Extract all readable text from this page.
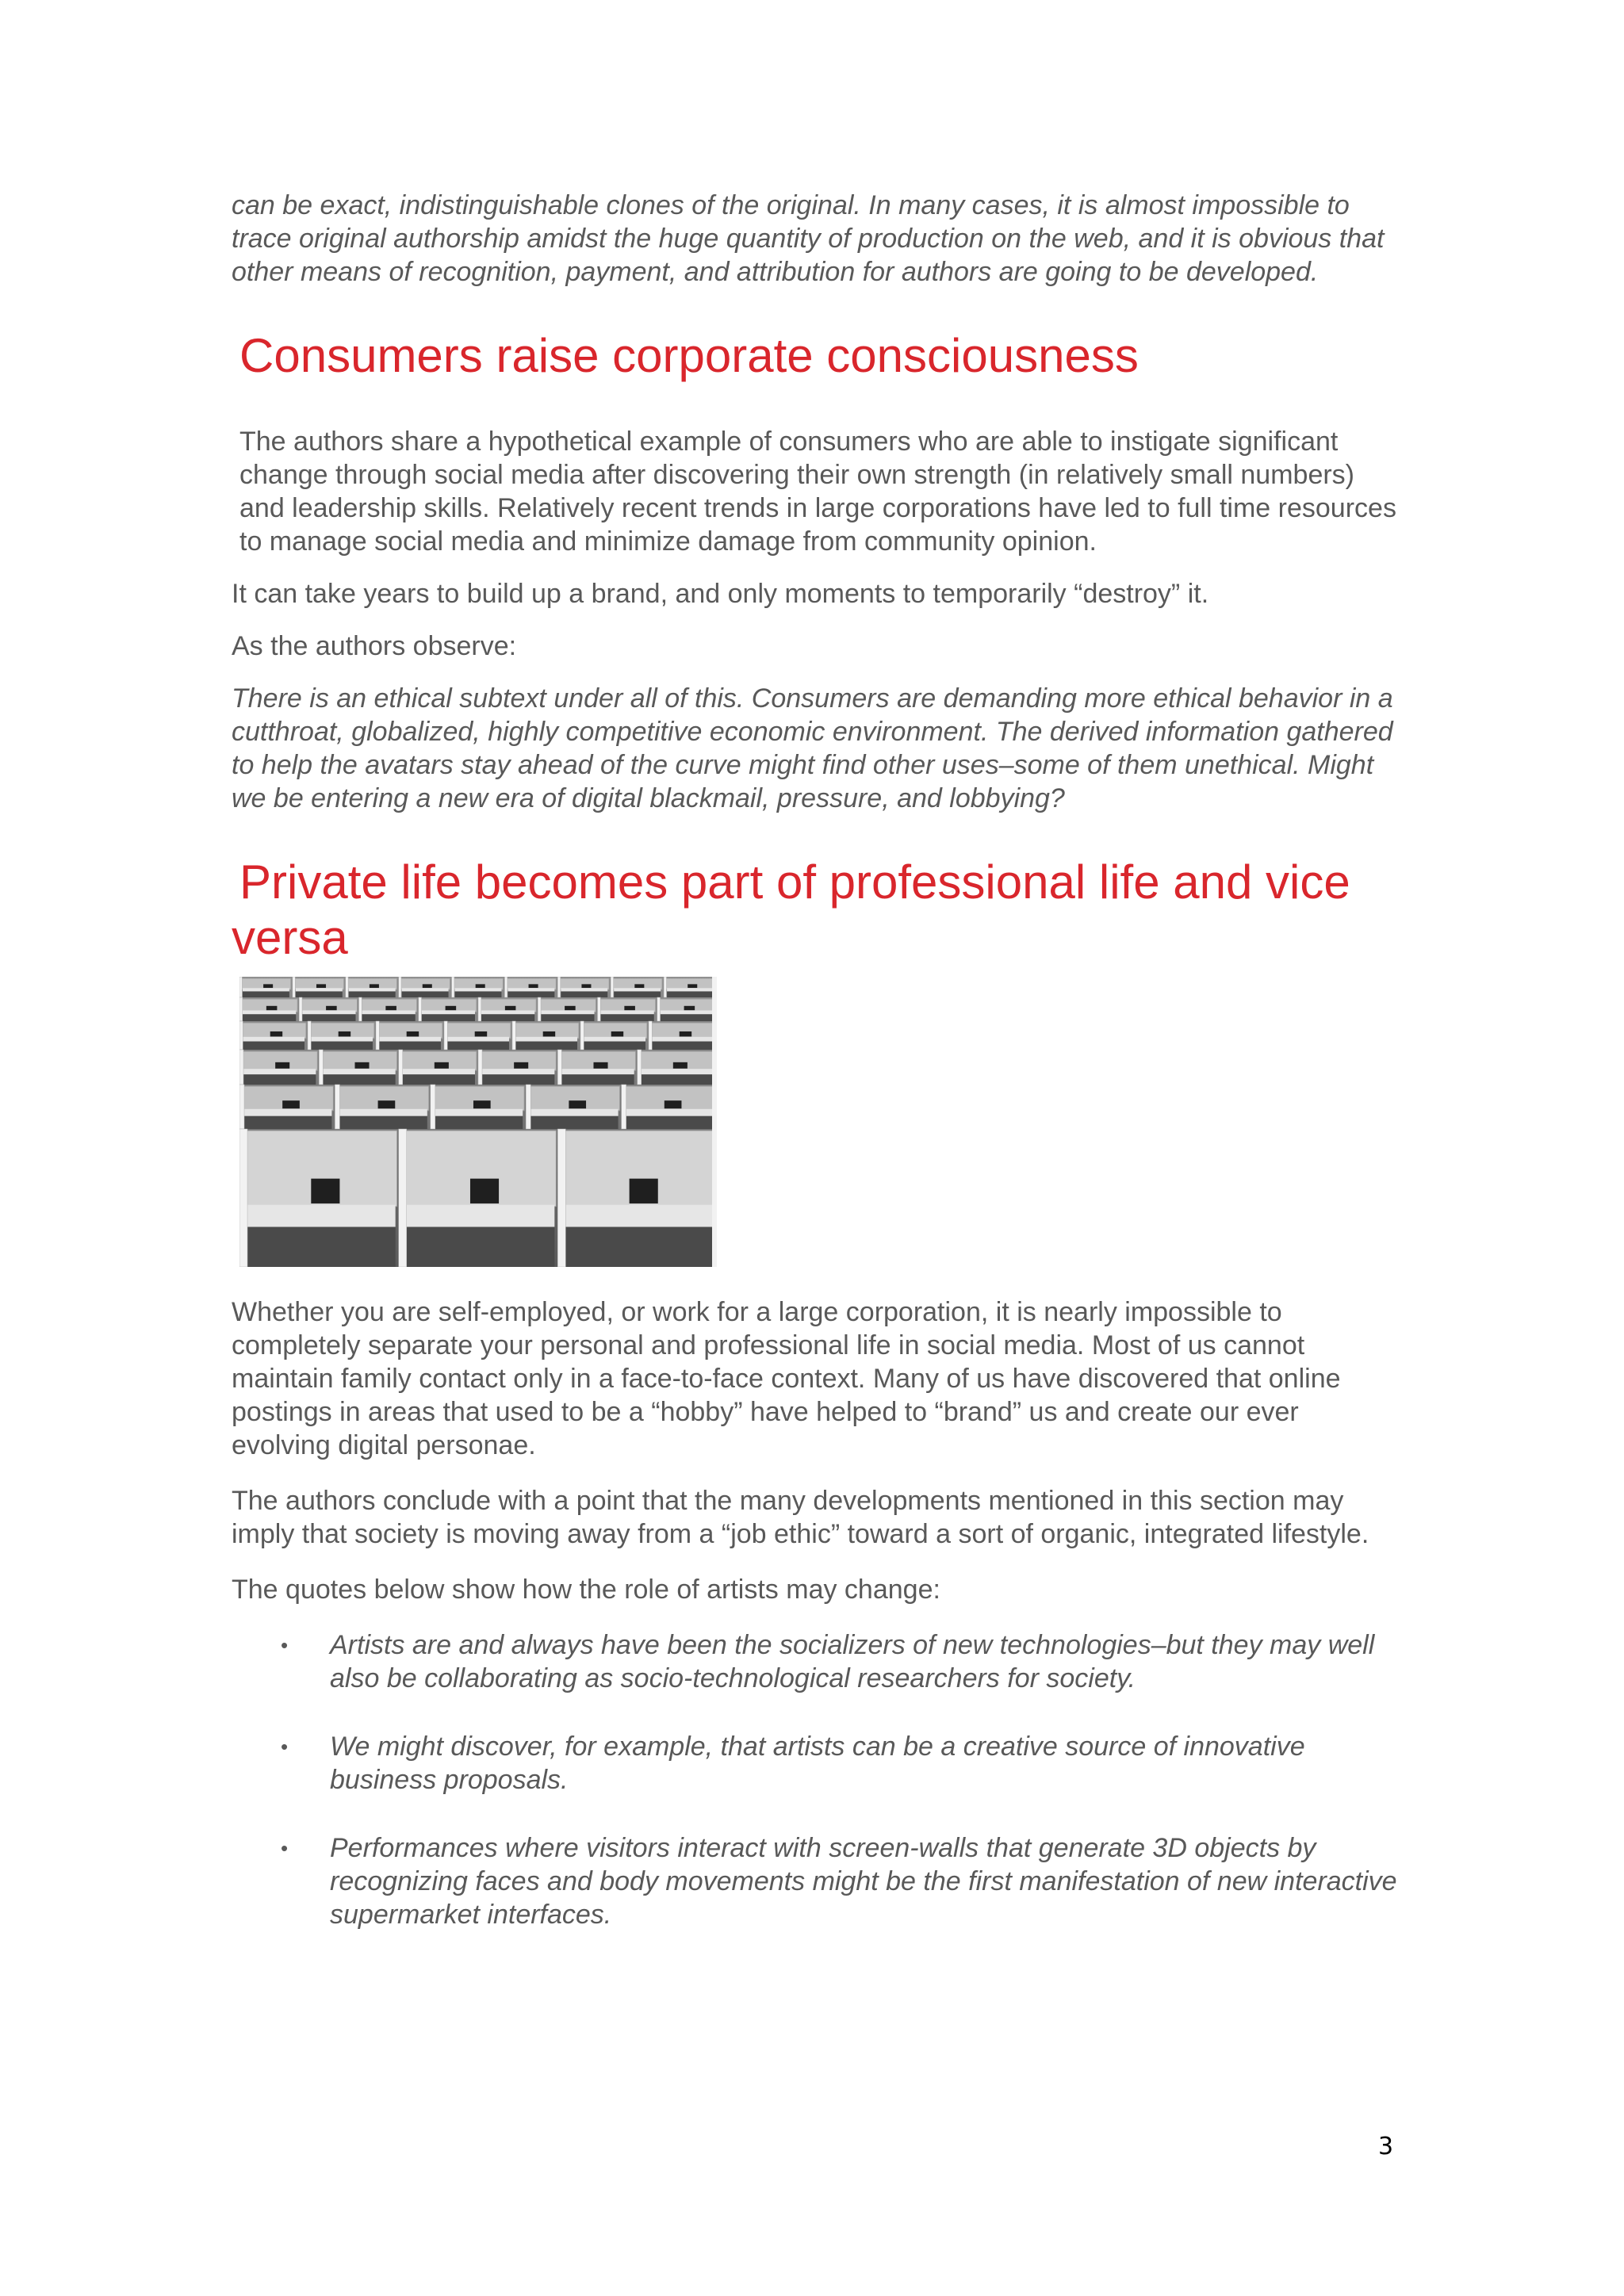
can be exact, indistinguishable clones of the original. In many cases, it is almost impossible to trace original authorship amidst the huge quantity of production on the web, and it is obvious that other means of recognition, payment, and attribution for authors are going to be developed.

Consumers raise corporate consciousness

The authors share a hypothetical example of consumers who are able to instigate significant change through social media after discovering their own strength (in relatively small numbers) and leadership skills. Relatively recent trends in large corporations have led to full time resources to manage social media and minimize damage from community opinion.

It can take years to build up a brand, and only moments to temporarily “destroy” it.

As the authors observe:

There is an ethical subtext under all of this. Consumers are demanding more ethical behavior in a cutthroat, globalized, highly competitive economic environment. The derived information gathered to help the avatars stay ahead of the curve might find other uses–some of them unethical. Might we be entering a new era of digital blackmail, pressure, and lobbying?

Private life becomes part of professional life and vice
versa

Whether you are self-employed, or work for a large corporation, it is nearly impossible to completely separate your personal and professional life in social media. Most of us cannot maintain family contact only in a face-to-face context. Many of us have discovered that online postings in areas that used to be a “hobby” have helped to “brand” us and create our ever evolving digital personae.

The authors conclude with a point that the many developments mentioned in this section may imply that society is moving away from a “job ethic” toward a sort of organic, integrated lifestyle.

The quotes below show how the role of artists may change:

• Artists are and always have been the socializers of new technologies–but they may well also be collaborating as socio-technological researchers for society.
• We might discover, for example, that artists can be a creative source of innovative business proposals.
• Performances where visitors interact with screen-walls that generate 3D objects by recognizing faces and body movements might be the first manifestation of new interactive supermarket interfaces.
3
